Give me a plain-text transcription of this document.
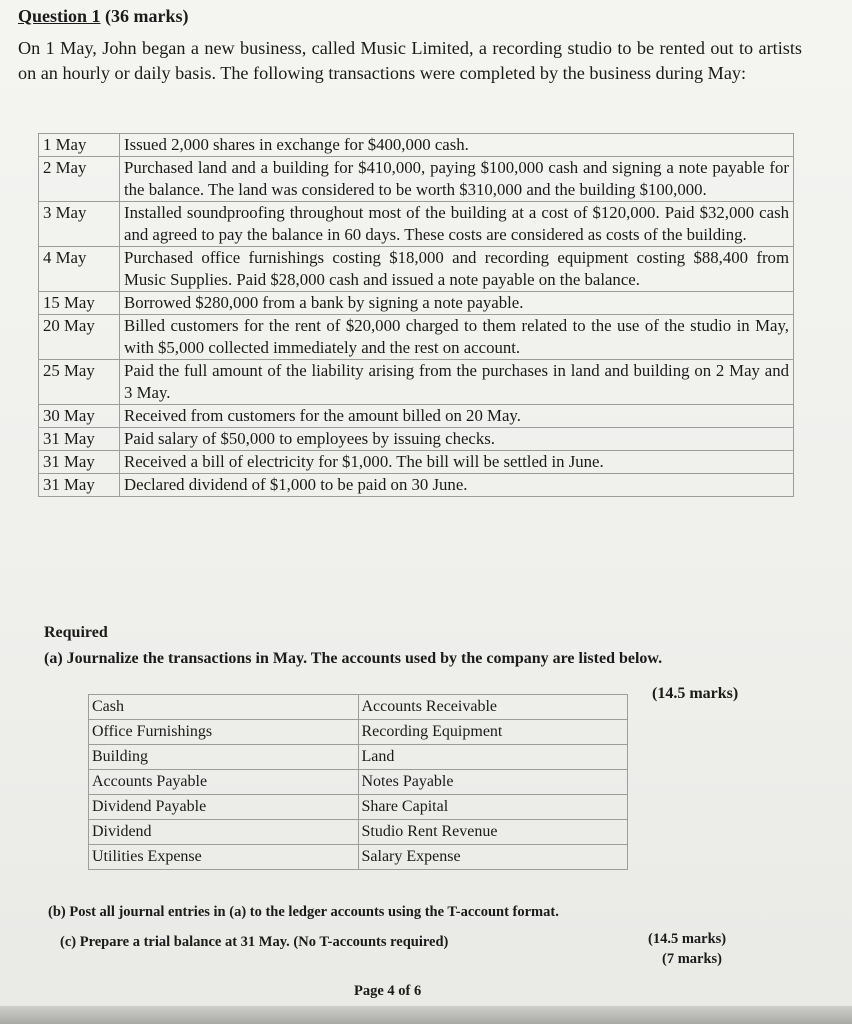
Question 1 (36 marks)
On 1 May, John began a new business, called Music Limited, a recording studio to be rented out to artists on an hourly or daily basis. The following transactions were completed by the business during May:
1 May	Issued 2,000 shares in exchange for $400,000 cash.
2 May	Purchased land and a building for $410,000, paying $100,000 cash and signing a note payable for the balance. The land was considered to be worth $310,000 and the building $100,000.
3 May	Installed soundproofing throughout most of the building at a cost of $120,000. Paid $32,000 cash and agreed to pay the balance in 60 days. These costs are considered as costs of the building.
4 May	Purchased office furnishings costing $18,000 and recording equipment costing $88,400 from Music Supplies. Paid $28,000 cash and issued a note payable on the balance.
15 May	Borrowed $280,000 from a bank by signing a note payable.
20 May	Billed customers for the rent of $20,000 charged to them related to the use of the studio in May, with $5,000 collected immediately and the rest on account.
25 May	Paid the full amount of the liability arising from the purchases in land and building on 2 May and 3 May.
30 May	Received from customers for the amount billed on 20 May.
31 May	Paid salary of $50,000 to employees by issuing checks.
31 May	Received a bill of electricity for $1,000. The bill will be settled in June.
31 May	Declared dividend of $1,000 to be paid on 30 June.
Required
(a) Journalize the transactions in May. The accounts used by the company are listed below.
(14.5 marks)
Cash	Accounts Receivable
Office Furnishings	Recording Equipment
Building	Land
Accounts Payable	Notes Payable
Dividend Payable	Share Capital
Dividend	Studio Rent Revenue
Utilities Expense	Salary Expense
(b) Post all journal entries in (a) to the ledger accounts using the T-account format.
(c) Prepare a trial balance at 31 May. (No T-accounts required)	(14.5 marks)
(7 marks)
Page 4 of 6
